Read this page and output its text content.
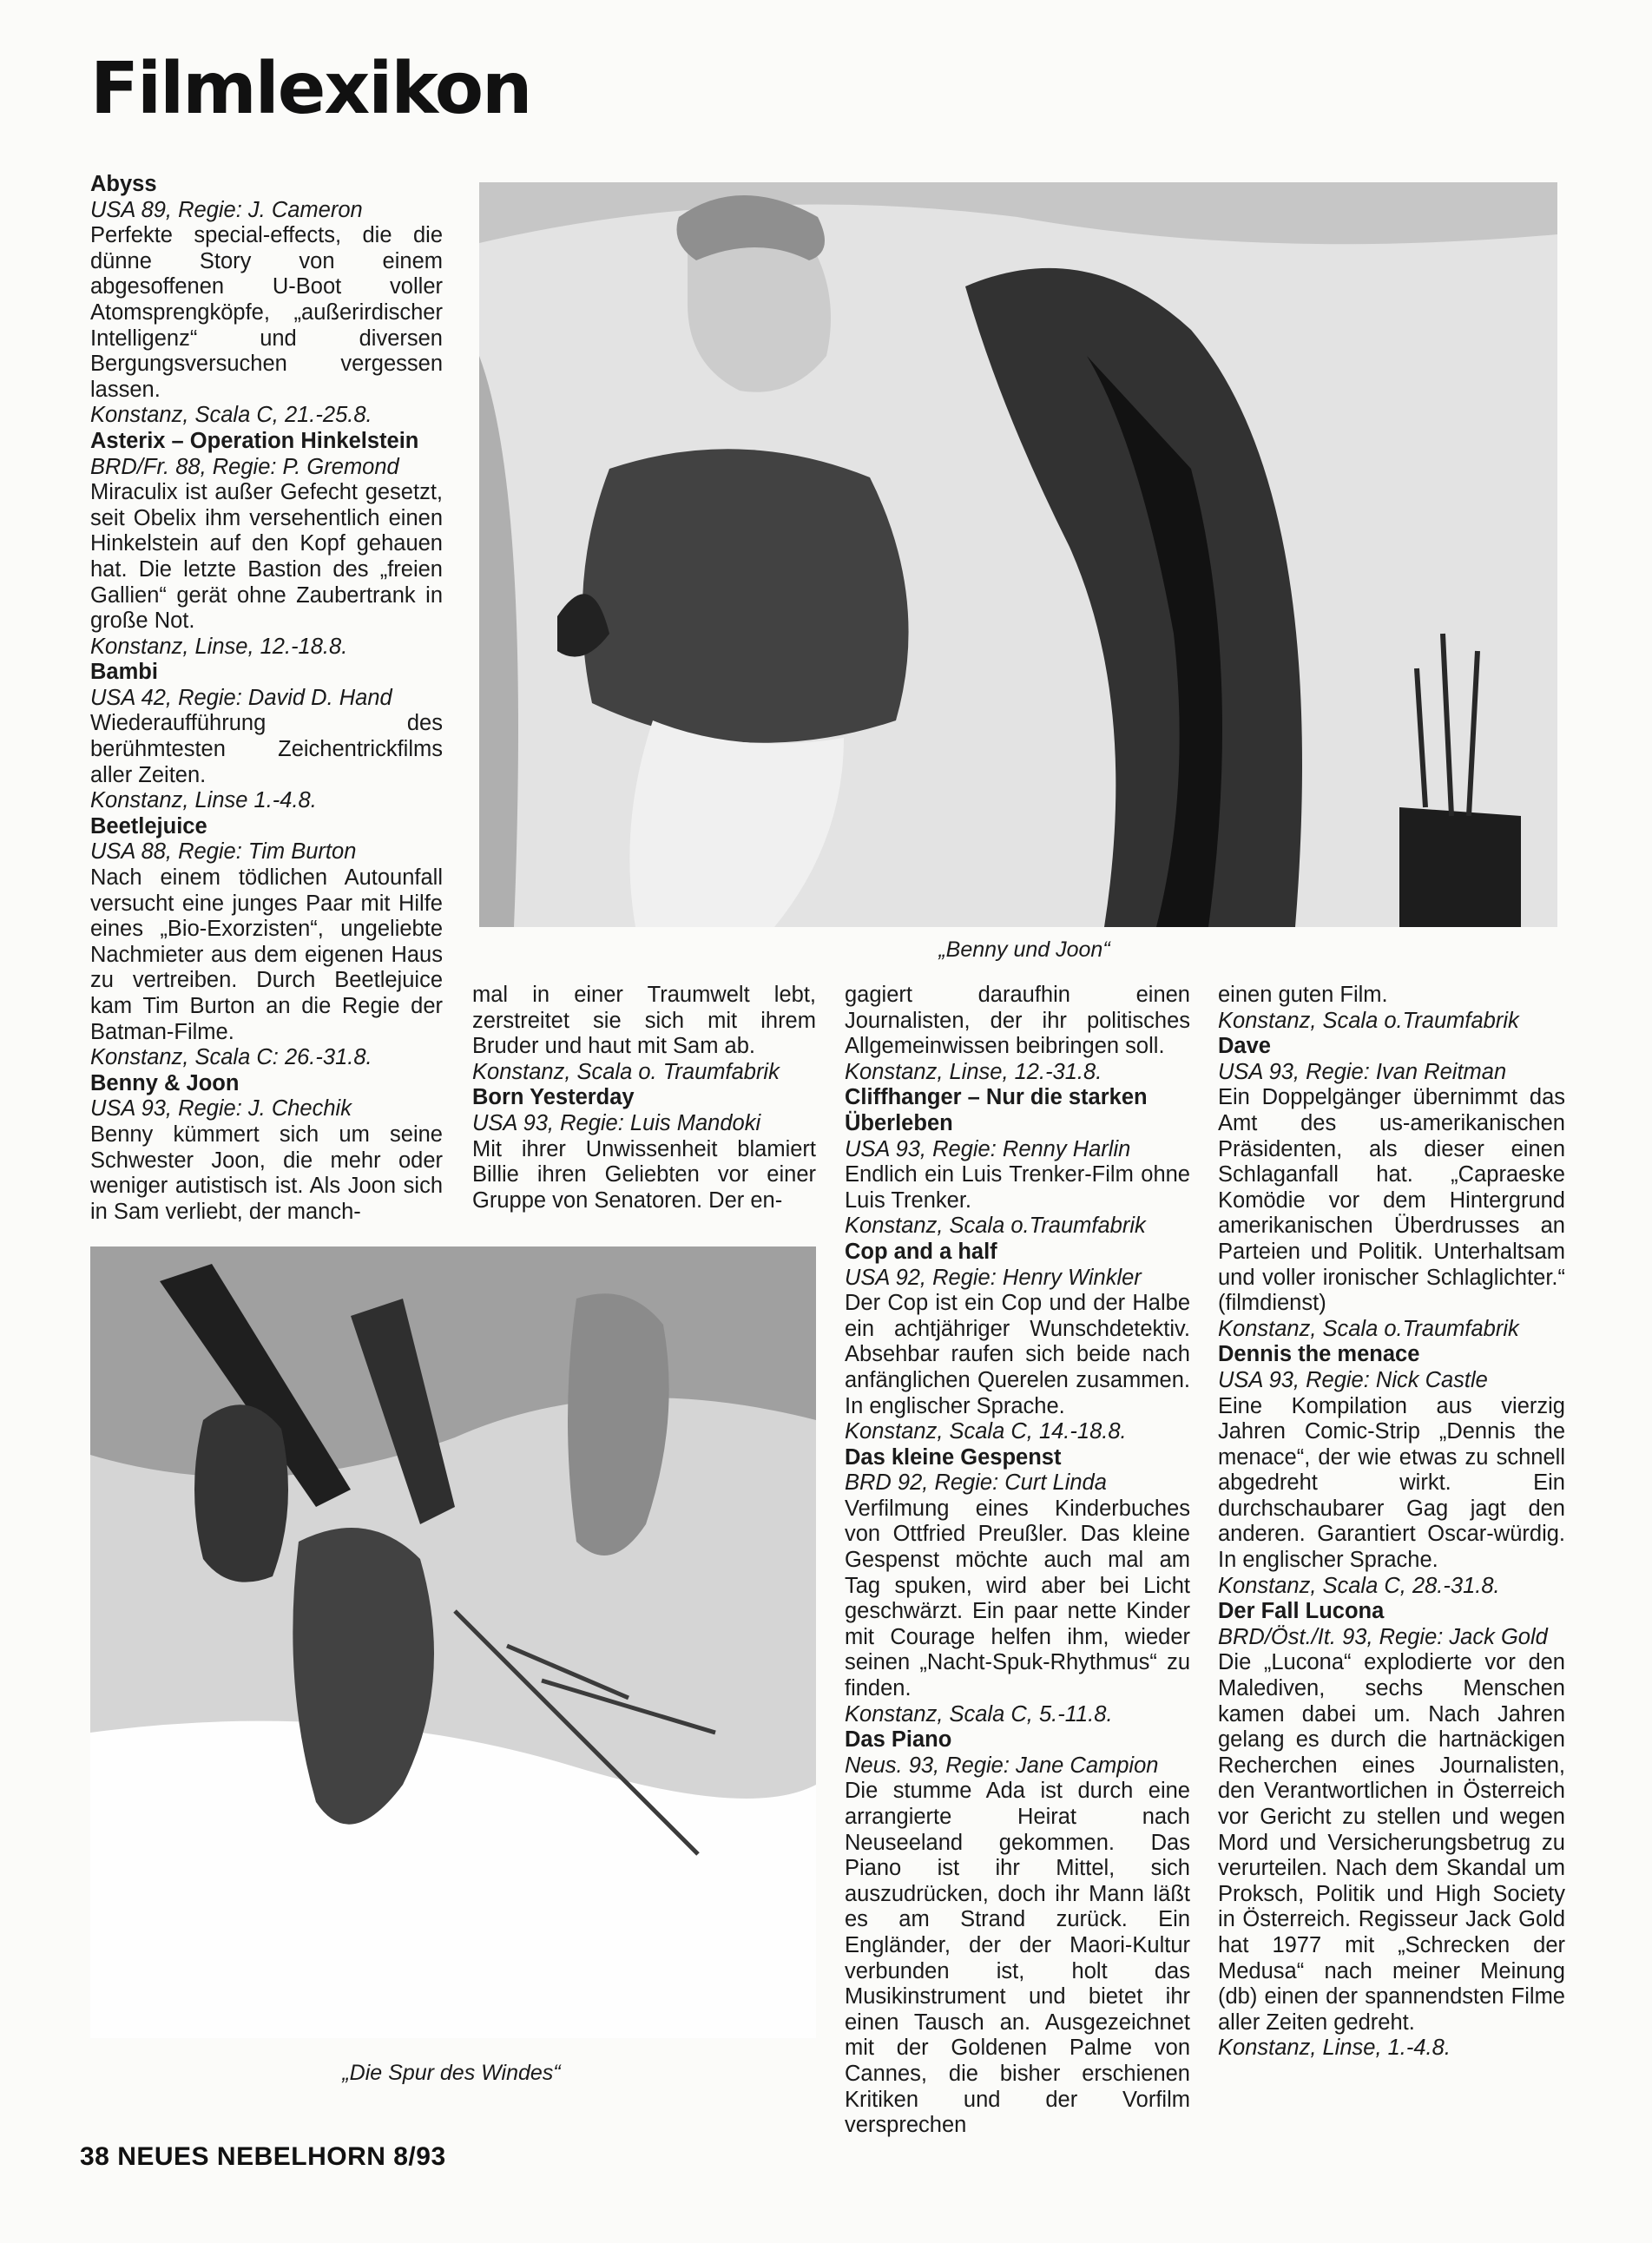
Filmlexikon
„Benny und Joon“
„Die Spur des Windes“
Abyss
USA 89, Regie: J. Cameron
Perfekte special-effects, die die dünne Story von einem abgesoffenen U-Boot voller Atomsprengköpfe, „außerirdischer Intelligenz“ und diversen Bergungsversuchen vergessen lassen.
Konstanz, Scala C, 21.-25.8.
Asterix – Operation Hinkelstein
BRD/Fr. 88, Regie: P. Gremond
Miraculix ist außer Gefecht gesetzt, seit Obelix ihm versehentlich einen Hinkelstein auf den Kopf gehauen hat. Die letzte Bastion des „freien Gallien“ gerät ohne Zaubertrank in große Not.
Konstanz, Linse, 12.-18.8.
Bambi
USA 42, Regie: David D. Hand
Wiederaufführung des berühmtesten Zeichentrickfilms aller Zeiten.
Konstanz, Linse 1.-4.8.
Beetlejuice
USA 88, Regie: Tim Burton
Nach einem tödlichen Autounfall versucht eine junges Paar mit Hilfe eines „Bio-Exorzisten“, ungeliebte Nachmieter aus dem eigenen Haus zu vertreiben. Durch Beetlejuice kam Tim Burton an die Regie der Batman-Filme.
Konstanz, Scala C: 26.-31.8.
Benny & Joon
USA 93, Regie: J. Chechik
Benny kümmert sich um seine Schwester Joon, die mehr oder weniger autistisch ist. Als Joon sich in Sam verliebt, der manch-
mal in einer Traumwelt lebt, zerstreitet sie sich mit ihrem Bruder und haut mit Sam ab.
Konstanz, Scala o. Traumfabrik
Born Yesterday
USA 93, Regie: Luis Mandoki
Mit ihrer Unwissenheit blamiert Billie ihren Geliebten vor einer Gruppe von Senatoren. Der en-
gagiert daraufhin einen Journalisten, der ihr politisches Allgemeinwissen beibringen soll.
Konstanz, Linse, 12.-31.8.
Cliffhanger – Nur die starken Überleben
USA 93, Regie: Renny Harlin
Endlich ein Luis Trenker-Film ohne Luis Trenker.
Konstanz, Scala o.Traumfabrik
Cop and a half
USA 92, Regie: Henry Winkler
Der Cop ist ein Cop und der Halbe ein achtjähriger Wunschdetektiv. Absehbar raufen sich beide nach anfänglichen Querelen zusammen. In englischer Sprache.
Konstanz, Scala C, 14.-18.8.
Das kleine Gespenst
BRD 92, Regie: Curt Linda
Verfilmung eines Kinderbuches von Ottfried Preußler. Das kleine Gespenst möchte auch mal am Tag spuken, wird aber bei Licht geschwärzt. Ein paar nette Kinder mit Courage helfen ihm, wieder seinen „Nacht-Spuk-Rhythmus“ zu finden.
Konstanz, Scala C, 5.-11.8.
Das Piano
Neus. 93, Regie: Jane Campion
Die stumme Ada ist durch eine arrangierte Heirat nach Neuseeland gekommen. Das Piano ist ihr Mittel, sich auszudrücken, doch ihr Mann läßt es am Strand zurück. Ein Engländer, der der Maori-Kultur verbunden ist, holt das Musikinstrument und bietet ihr einen Tausch an. Ausgezeichnet mit der Goldenen Palme von Cannes, die bisher erschienen Kritiken und der Vorfilm versprechen
einen guten Film.
Konstanz, Scala o.Traumfabrik
Dave
USA 93, Regie: Ivan Reitman
Ein Doppelgänger übernimmt das Amt des us-amerikanischen Präsidenten, als dieser einen Schlaganfall hat. „Capraeske Komödie vor dem Hintergrund amerikanischen Überdrusses an Parteien und Politik. Unterhaltsam und voller ironischer Schlaglichter.“ (filmdienst)
Konstanz, Scala o.Traumfabrik
Dennis the menace
USA 93, Regie: Nick Castle
Eine Kompilation aus vierzig Jahren Comic-Strip „Dennis the menace“, der wie etwas zu schnell abgedreht wirkt. Ein durchschaubarer Gag jagt den anderen. Garantiert Oscar-würdig. In englischer Sprache.
Konstanz, Scala C, 28.-31.8.
Der Fall Lucona
BRD/Öst./It. 93, Regie: Jack Gold
Die „Lucona“ explodierte vor den Malediven, sechs Menschen kamen dabei um. Nach Jahren gelang es durch die hartnäckigen Recherchen eines Journalisten, den Verantwortlichen in Österreich vor Gericht zu stellen und wegen Mord und Versicherungsbetrug zu verurteilen. Nach dem Skandal um Proksch, Politik und High Society in Österreich. Regisseur Jack Gold hat 1977 mit „Schrecken der Medusa“ nach meiner Meinung (db) einen der spannendsten Filme aller Zeiten gedreht.
Konstanz, Linse, 1.-4.8.
38 NEUES NEBELHORN 8/93
